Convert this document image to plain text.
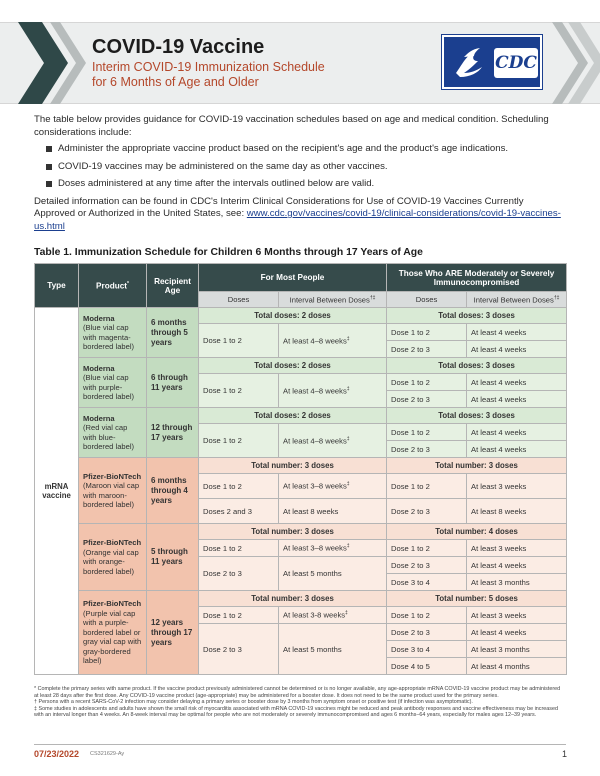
COVID-19 Vaccine
Interim COVID-19 Immunization Schedule
for 6 Months of Age and Older
CDC

The table below provides guidance for COVID-19 vaccination schedules based on age and medical condition. Scheduling considerations include:

Administer the appropriate vaccine product based on the recipient's age and the product's age indications.
COVID-19 vaccines may be administered on the same day as other vaccines.
Doses administered at any time after the intervals outlined below are valid.

Detailed information can be found in CDC's Interim Clinical Considerations for Use of COVID-19 Vaccines Currently Approved or Authorized in the United States, see: www.cdc.gov/vaccines/covid-19/clinical-considerations/covid-19-vaccines-us.html

Table 1. Immunization Schedule for Children 6 Months through 17 Years of Age
Type	Product*	Recipient Age	For Most People		Those Who ARE Moderately or Severely Immunocompromised	
			Doses	Interval Between Doses†‡	Doses	Interval Between Doses†‡
mRNA vaccine	Moderna
(Blue vial cap with magenta-bordered label)	6 months through 5 years	Total doses: 2 doses		Total doses: 3 doses	
			Dose 1 to 2	At least 4–8 weeks‡	Dose 1 to 2	At least 4 weeks
					Dose 2 to 3	At least 4 weeks

	Moderna
(Blue vial cap with purple-bordered label)	6 through 11 years	Total doses: 2 doses		Total doses: 3 doses	
			Dose 1 to 2	At least 4–8 weeks‡	Dose 1 to 2	At least 4 weeks
					Dose 2 to 3	At least 4 weeks

	Moderna
(Red vial cap with blue-bordered label)	12 through 17 years	Total doses: 2 doses		Total doses: 3 doses	
			Dose 1 to 2	At least 4–8 weeks‡	Dose 1 to 2	At least 4 weeks
					Dose 2 to 3	At least 4 weeks

	Pfizer-BioNTech
(Maroon vial cap with maroon-bordered label)	6 months through 4 years	Total number: 3 doses		Total number: 3 doses	
			Dose 1 to 2	At least 3–8 weeks‡	Dose 1 to 2	At least 3 weeks
			Doses 2 and 3	At least 8 weeks	Dose 2 to 3	At least 8 weeks

	Pfizer-BioNTech
(Orange vial cap with orange-bordered label)	5 through 11 years	Total number: 3 doses		Total number: 4 doses	
			Dose 1 to 2	At least 3–8 weeks‡	Dose 1 to 2	At least 3 weeks
			Dose 2 to 3	At least 5 months	Dose 2 to 3	At least 4 weeks
					Dose 3 to 4	At least 3 months

	Pfizer-BioNTech
(Purple vial cap with a purple-bordered label or gray vial cap with gray-bordered label)	12 years through 17 years	Total number: 3 doses		Total number: 5 doses	
			Dose 1 to 2	At least 3-8 weeks‡	Dose 1 to 2	At least 3 weeks
			Dose 2 to 3	At least 5 months	Dose 2 to 3	At least 4 weeks
					Dose 3 to 4	At least 3 months
					Dose 4 to 5	At least 4 months

* Complete the primary series with same product. If the vaccine product previously administered cannot be determined or is no longer available, any age-appropriate mRNA COVID-19 vaccine product may be administered at least 28 days after the first dose. Any COVID-19 vaccine product (age-appropriate) may be administered for a booster dose. It does not need to be the same product used for the primary series.

† Persons with a recent SARS-CoV-2 infection may consider delaying a primary series or booster dose by 3 months from symptom onset or positive test (if infection was asymptomatic).

‡ Some studies in adolescents and adults have shown the small risk of myocarditis associated with mRNA COVID-19 vaccines might be reduced and peak antibody responses and vaccine effectiveness may be increased with an interval longer than 4 weeks. An 8-week interval may be optimal for people who are not moderately or severely immunocompromised and ages 6 months–64 years, especially for males ages 12–39 years.

07/23/2022 CS321629-Ay	1
